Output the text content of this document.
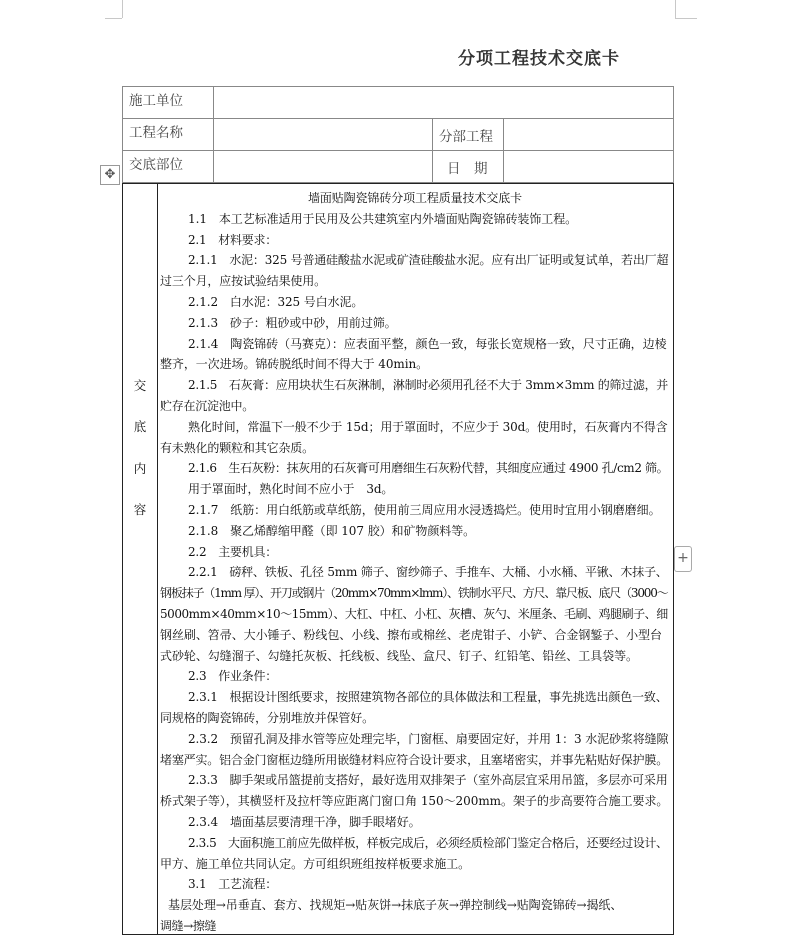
分项工程技术交底卡
施工单位			
工程名称		分部工程	
交底部位		日　期	
✥
+
交
底
内
容

墙面贴陶瓷锦砖分项工程质量技术交底卡

1.1　本工艺标准适用于民用及公共建筑室内外墙面贴陶瓷锦砖装饰工程。

2.1　材料要求：

2.1.1　水泥：325 号普通硅酸盐水泥或矿渣硅酸盐水泥。应有出厂证明或复试单，若出厂超

过三个月，应按试验结果使用。

2.1.2　白水泥：325 号白水泥。

2.1.3　砂子：粗砂或中砂，用前过筛。

2.1.4　陶瓷锦砖（马赛克）：应表面平整，颜色一致，每张长宽规格一致，尺寸正确，边棱

整齐，一次进场。锦砖脱纸时间不得大于 40min。

2.1.5　石灰膏：应用块状生石灰淋制，淋制时必须用孔径不大于 3mm×3mm 的筛过滤，并

贮存在沉淀池中。

熟化时间，常温下一般不少于 15d；用于罩面时，不应少于 30d。使用时，石灰膏内不得含

有未熟化的颗粒和其它杂质。

2.1.6　生石灰粉：抹灰用的石灰膏可用磨细生石灰粉代替，其细度应通过 4900 孔/cm2 筛。

用于罩面时，熟化时间不应小于　3d。

2.1.7　纸筋：用白纸筋或草纸筋，使用前三周应用水浸透捣烂。使用时宜用小钢磨磨细。

2.1.8　聚乙烯醇缩甲醛（即 107 胶）和矿物颜料等。

2.2　主要机具：

2.2.1　磅秤、铁板、孔径 5mm 筛子、窗纱筛子、手推车、大桶、小水桶、平锹、木抹子、

钢板抹子（1mm 厚）、开刀或钢片（20mm×70mm×lmm）、铁制水平尺、方尺、靠尺板、底尺（3000～

5000mm×40mm×10～15mm）、大杠、中杠、小杠、灰槽、灰勺、米厘条、毛刷、鸡腿刷子、细

钢丝刷、笤帚、大小锤子、粉线包、小线、擦布或棉丝、老虎钳子、小铲、合金钢錾子、小型台

式砂轮、勾缝溜子、勾缝托灰板、托线板、线坠、盒尺、钉子、红铅笔、铅丝、工具袋等。

2.3　作业条件：

2.3.1　根据设计图纸要求，按照建筑物各部位的具体做法和工程量，事先挑选出颜色一致、

同规格的陶瓷锦砖，分别堆放并保管好。

2.3.2　预留孔洞及排水管等应处理完毕，门窗框、扇要固定好，并用 1：3 水泥砂浆将缝隙

堵塞严实。铝合金门窗框边缝所用嵌缝材料应符合设计要求，且塞堵密实，并事先粘贴好保护膜。

2.3.3　脚手架或吊篮提前支搭好，最好选用双排架子（室外高层宜采用吊篮，多层亦可采用

桥式架子等），其横竖杆及拉杆等应距离门窗口角 150～200mm。架子的步高要符合施工要求。

2.3.4　墙面基层要清理干净，脚手眼堵好。

2.3.5　大面积施工前应先做样板，样板完成后，必须经质检部门鉴定合格后，还要经过设计、

甲方、施工单位共同认定。方可组织班组按样板要求施工。

3.1　工艺流程：

基层处理→吊垂直、套方、找规矩→贴灰饼→抹底子灰→弹控制线→贴陶瓷锦砖→揭纸、

调缝→擦缝
